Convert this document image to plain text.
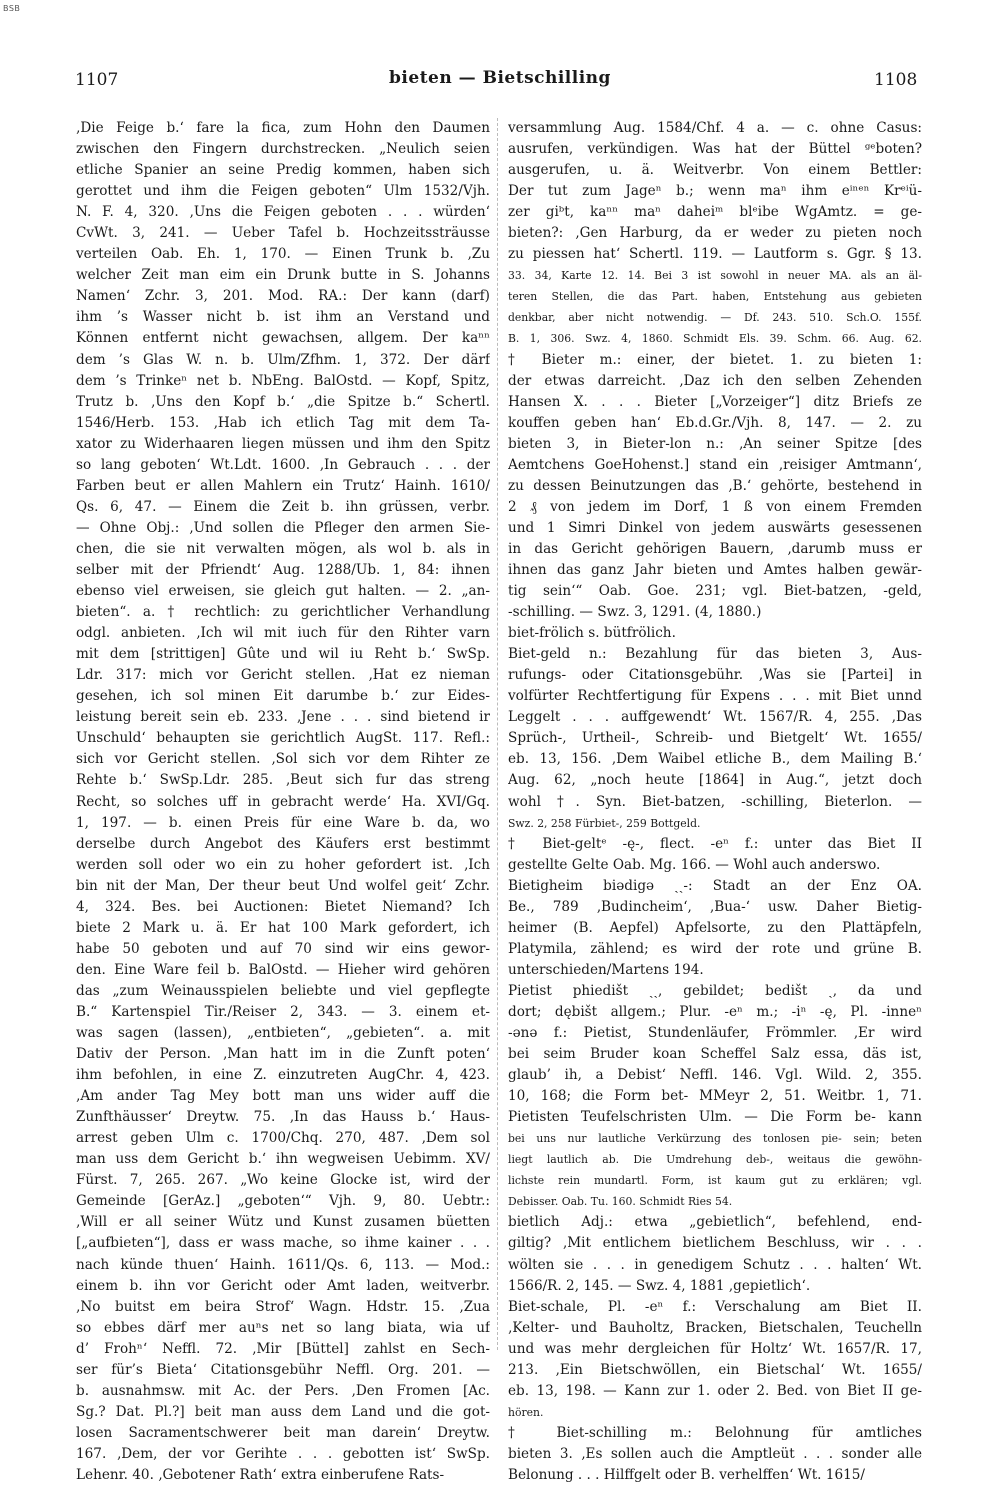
BSB
1107	bieten — Bietschilling	1108
‚Die Feige b.‘ fare la fica, zum Hohn den Daumen
zwischen den Fingern durchstrecken. „Neulich seien
etliche Spanier an seine Predig kommen, haben sich
gerottet und ihm die Feigen geboten“ Ulm 1532/Vjh.
N. F. 4, 320. ‚Uns die Feigen geboten . . . würden‘
CvWt. 3, 241. — Ueber Tafel b. Hochzeitssträusse
verteilen Oab. Eh. 1, 170. — Einen Trunk b. ‚Zu
welcher Zeit man eim ein Drunk butte in S. Johanns
Namen‘ Zchr. 3, 201. Mod. RA.: Der kann (darf)
ihm ’s Wasser nicht b. ist ihm an Verstand und
Können entfernt nicht gewachsen, allgem. Der kaⁿⁿ
dem ’s Glas W. n. b. Ulm/Zfhm. 1, 372. Der därf
dem ’s Trinkeⁿ net b. NbEng. BalOstd. — Kopf, Spitz,
Trutz b. ‚Uns den Kopf b.‘ „die Spitze b.“ Schertl.
1546/Herb. 153. ‚Hab ich etlich Tag mit dem Ta-
xator zu Widerhaaren liegen müssen und ihm den Spitz
so lang geboten‘ Wt.Ldt. 1600. ‚In Gebrauch . . . der
Farben beut er allen Mahlern ein Trutz‘ Hainh. 1610/
Qs. 6, 47. — Einem die Zeit b. ihn grüssen, verbr.
— Ohne Obj.: ‚Und sollen die Pfleger den armen Sie-
chen, die sie nit verwalten mögen, als wol b. als in
selber mit der Pfriendt‘ Aug. 1288/Ub. 1, 84: ihnen
ebenso viel erweisen, sie gleich gut halten. — 2. „an-
bieten“. a. † rechtlich: zu gerichtlicher Verhandlung
odgl. anbieten. ‚Ich wil mit iuch für den Rihter varn
mit dem [strittigen] Gûte und wil iu Reht b.‘ SwSp.
Ldr. 317: mich vor Gericht stellen. ‚Hat ez nieman
gesehen, ich sol minen Eit darumbe b.‘ zur Eides-
leistung bereit sein eb. 233. ‚Jene . . . sind bietend ir
Unschuld‘ behaupten sie gerichtlich AugSt. 117. Refl.:
sich vor Gericht stellen. ‚Sol sich vor dem Rihter ze
Rehte b.‘ SwSp.Ldr. 285. ‚Beut sich fur das streng
Recht, so solches uff in gebracht werde‘ Ha. XVI/Gq.
1, 197. — b. einen Preis für eine Ware b. da, wo
derselbe durch Angebot des Käufers erst bestimmt
werden soll oder wo ein zu hoher gefordert ist. ‚Ich
bin nit der Man, Der theur beut Und wolfel geit‘ Zchr.
4, 324. Bes. bei Auctionen: Bietet Niemand? Ich
biete 2 Mark u. ä. Er hat 100 Mark gefordert, ich
habe 50 geboten und auf 70 sind wir eins gewor-
den. Eine Ware feil b. BalOstd. — Hieher wird gehören
das „zum Weinausspielen beliebte und viel gepflegte
B.“ Kartenspiel Tir./Reiser 2, 343. — 3. einem et-
was sagen (lassen), „entbieten“, „gebieten“. a. mit
Dativ der Person. ‚Man hatt im in die Zunft poten‘
ihm befohlen, in eine Z. einzutreten AugChr. 4, 423.
‚Am ander Tag Mey bott man uns wider auff die
Zunfthäusser‘ Dreytw. 75. ‚In das Hauss b.‘ Haus-
arrest geben Ulm c. 1700/Chq. 270, 487. ‚Dem sol
man uss dem Gericht b.‘ ihn wegweisen Uebimm. XV/
Fürst. 7, 265. 267. „Wo keine Glocke ist, wird der
Gemeinde [GerAz.] „geboten‘“ Vjh. 9, 80. Uebtr.:
‚Will er all seiner Wütz und Kunst zusamen büetten
[„aufbieten“], dass er wass mache, so ihme kainer . . .
nach künde thuen‘ Hainh. 1611/Qs. 6, 113. — Mod.:
einem b. ihn vor Gericht oder Amt laden, weitverbr.
‚No buitst em beira Strof‘ Wagn. Hdstr. 15. ‚Zua
so ebbes därf mer auⁿs net so lang biata, wia uf
d’ Frohⁿ‘ Neffl. 72. ‚Mir [Büttel] zahlst en Sech-
ser für’s Bieta‘ Citationsgebühr Neffl. Org. 201. —
b. ausnahmsw. mit Ac. der Pers. ‚Den Fromen [Ac.
Sg.? Dat. Pl.?] beit man auss dem Land und die got-
losen Sacramentschwerer beit man darein‘ Dreytw.
167. ‚Dem, der vor Gerihte . . . gebotten ist‘ SwSp.
Lehenr. 40. ‚Gebotener Rath‘ extra einberufene Rats-
versammlung Aug. 1584/Chf. 4 a. — c. ohne Casus:
ausrufen, verkündigen. Was hat der Büttel ᵍᵉboten?
ausgerufen, u. ä. Weitverbr. Von einem Bettler:
Der tut zum Jageⁿ b.; wenn maⁿ ihm eⁱⁿᵉⁿ Krᵉⁱü-
zer giᵇt, kaⁿⁿ maⁿ daheiᵐ blᵉibe WgAmtz. = ge-
bieten?: ‚Gen Harburg, da er weder zu pieten noch
zu piessen hat‘ Schertl. 119. — Lautform s. Ggr. § 13.
33. 34, Karte 12. 14. Bei 3 ist sowohl in neuer MA. als an äl-
teren Stellen, die das Part. haben, Entstehung aus gebieten
denkbar, aber nicht notwendig. — Df. 243. 510. Sch.O. 155f.
B. 1, 306. Swz. 4, 1860. Schmidt Els. 39. Schm. 66. Aug. 62.
† Bieter m.: einer, der bietet. 1. zu bieten 1:
der etwas darreicht. ‚Daz ich den selben Zehenden
Hansen X. . . . Bieter [„Vorzeiger“] ditz Briefs ze
kouffen geben han‘ Eb.d.Gr./Vjh. 8, 147. — 2. zu
bieten 3, in Bieter-lon n.: ‚An seiner Spitze [des
Aemtchens GoeHohenst.] stand ein ‚reisiger Amtmann‘,
zu dessen Beinutzungen das ‚B.‘ gehörte, bestehend in
2 ₰ von jedem im Dorf, 1 ß von einem Fremden
und 1 Simri Dinkel von jedem auswärts gesessenen
in das Gericht gehörigen Bauern, ‚darumb muss er
ihnen das ganz Jahr bieten und Amtes halben gewär-
tig sein‘“ Oab. Goe. 231; vgl. Biet-batzen, -geld,
-schilling. — Swz. 3, 1291. (4, 1880.)
biet-frölich s. bütfrölich.
Biet-geld n.: Bezahlung für das bieten 3, Aus-
rufungs- oder Citationsgebühr. ‚Was sie [Partei] in
volfürter Rechtfertigung für Expens . . . mit Biet unnd
Leggelt . . . auffgewendt‘ Wt. 1567/R. 4, 255. ‚Das
Sprüch-, Urtheil-, Schreib- und Bietgelt‘ Wt. 1655/
eb. 13, 156. ‚Dem Waibel etliche B., dem Mailing B.‘
Aug. 62, „noch heute [1864] in Aug.“, jetzt doch
wohl †. Syn. Biet-batzen, -schilling, Bieterlon. —
Swz. 2, 258 Fürbiet-, 259 Bottgeld.
† Biet-geltᵉ -ę-, flect. -eⁿ f.: unter das Biet II
gestellte Gelte Oab. Mg. 166. — Wohl auch anderswo.
Bietigheim biədigə ˏˏ-: Stadt an der Enz OA.
Be., 789 ‚Budincheim‘, ‚Bua-‘ usw. Daher Bietig-
heimer (B. Aepfel) Apfelsorte, zu den Plattäpfeln,
Platymila, zählend; es wird der rote und grüne B.
unterschieden/Martens 194.
Pietist phiedišt ˏˏ, gebildet; bedišt ˏ, da und
dort; dębišt allgem.; Plur. -eⁿ m.; -iⁿ -ę, Pl. -inneⁿ
-ənə f.: Pietist, Stundenläufer, Frömmler. ‚Er wird
bei seim Bruder koan Scheffel Salz essa, däs ist,
glaub’ ih, a Debist‘ Neffl. 146. Vgl. Wild. 2, 355.
10, 168; die Form bet- MMeyr 2, 51. Weitbr. 1, 71.
Pietisten Teufelschristen Ulm. — Die Form be- kann
bei uns nur lautliche Verkürzung des tonlosen pie- sein; beten
liegt lautlich ab. Die Umdrehung deb-, weitaus die gewöhn-
lichste rein mundartl. Form, ist kaum gut zu erklären; vgl.
Debisser. Oab. Tu. 160. Schmidt Ries 54.
bietlich Adj.: etwa „gebietlich“, befehlend, end-
giltig? ‚Mit entlichem bietlichem Beschluss, wir . . .
wölten sie . . . in genedigem Schutz . . . halten‘ Wt.
1566/R. 2, 145. — Swz. 4, 1881 ‚gepietlich‘.
Biet-schale, Pl. -eⁿ f.: Verschalung am Biet II.
‚Kelter- und Bauholtz, Bracken, Bietschalen, Teuchelln
und was mehr dergleichen für Holtz‘ Wt. 1657/R. 17,
213. ‚Ein Bietschwöllen, ein Bietschal‘ Wt. 1655/
eb. 13, 198. — Kann zur 1. oder 2. Bed. von Biet II ge-
hören.
† Biet-schilling m.: Belohnung für amtliches
bieten 3. ‚Es sollen auch die Amptleüt . . . sonder alle
Belonung . . . Hilffgelt oder B. verhelffen‘ Wt. 1615/
